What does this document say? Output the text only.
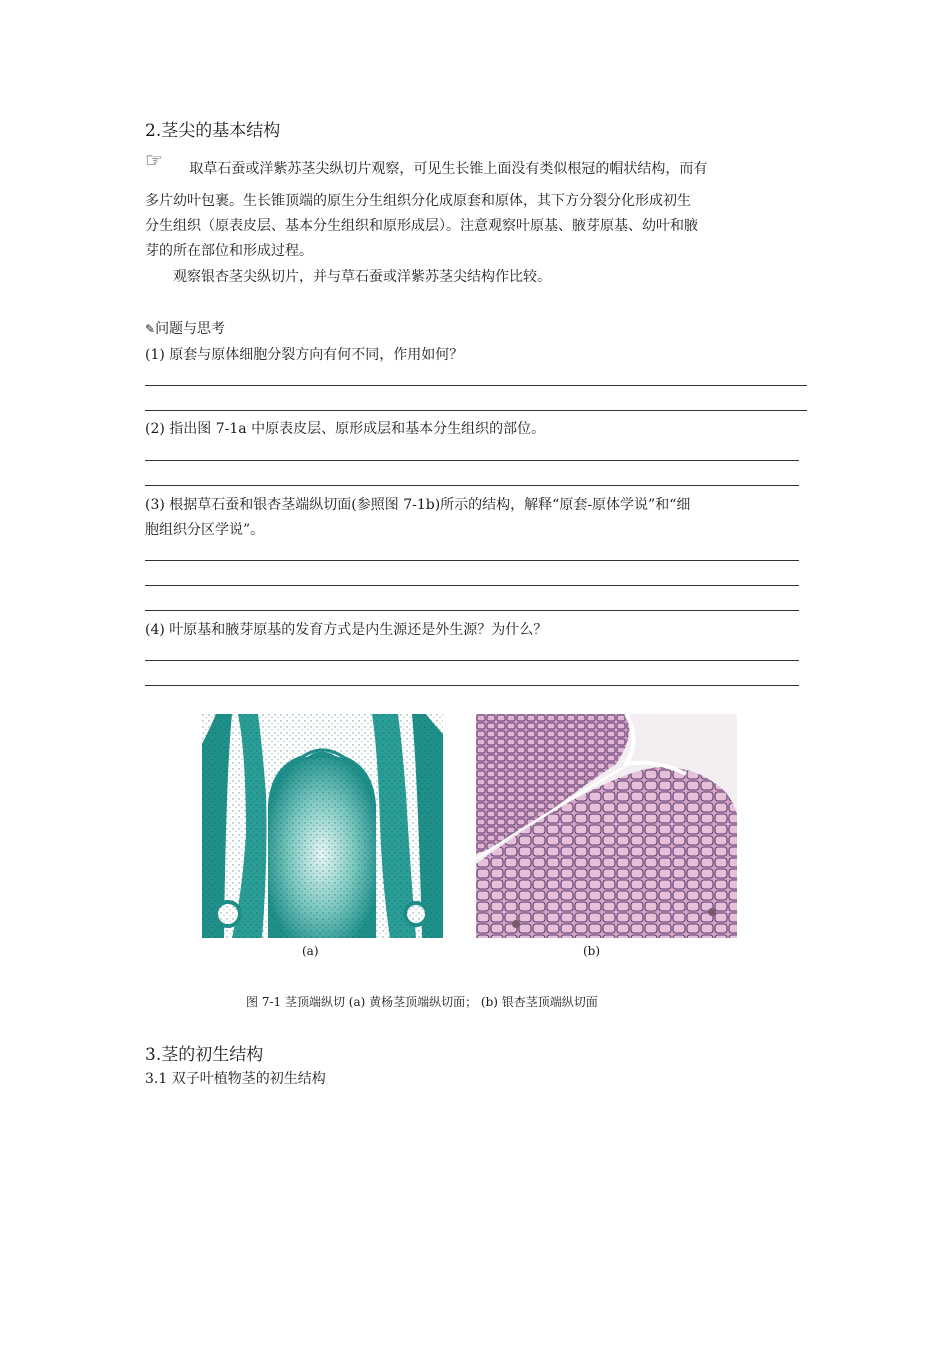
2.茎尖的基本结构
☞ 取草石蚕或洋紫苏茎尖纵切片观察，可见生长锥上面没有类似根冠的帽状结构，而有
多片幼叶包裹。生长锥顶端的原生分生组织分化成原套和原体，其下方分裂分化形成初生
分生组织（原表皮层、基本分生组织和原形成层）。注意观察叶原基、腋芽原基、幼叶和腋
芽的所在部位和形成过程。
观察银杏茎尖纵切片，并与草石蚕或洋紫苏茎尖结构作比较。
✎问题与思考
(1) 原套与原体细胞分裂方向有何不同，作用如何？
(2) 指出图 7-1a 中原表皮层、原形成层和基本分生组织的部位。
(3) 根据草石蚕和银杏茎端纵切面(参照图 7-1b)所示的结构，解释“原套-原体学说”和“细
胞组织分区学说”。
(4) 叶原基和腋芽原基的发育方式是内生源还是外生源？为什么？
(a)	(b)
图 7-1 茎顶端纵切 (a) 黄杨茎顶端纵切面； (b) 银杏茎顶端纵切面
3.茎的初生结构
3.1 双子叶植物茎的初生结构
